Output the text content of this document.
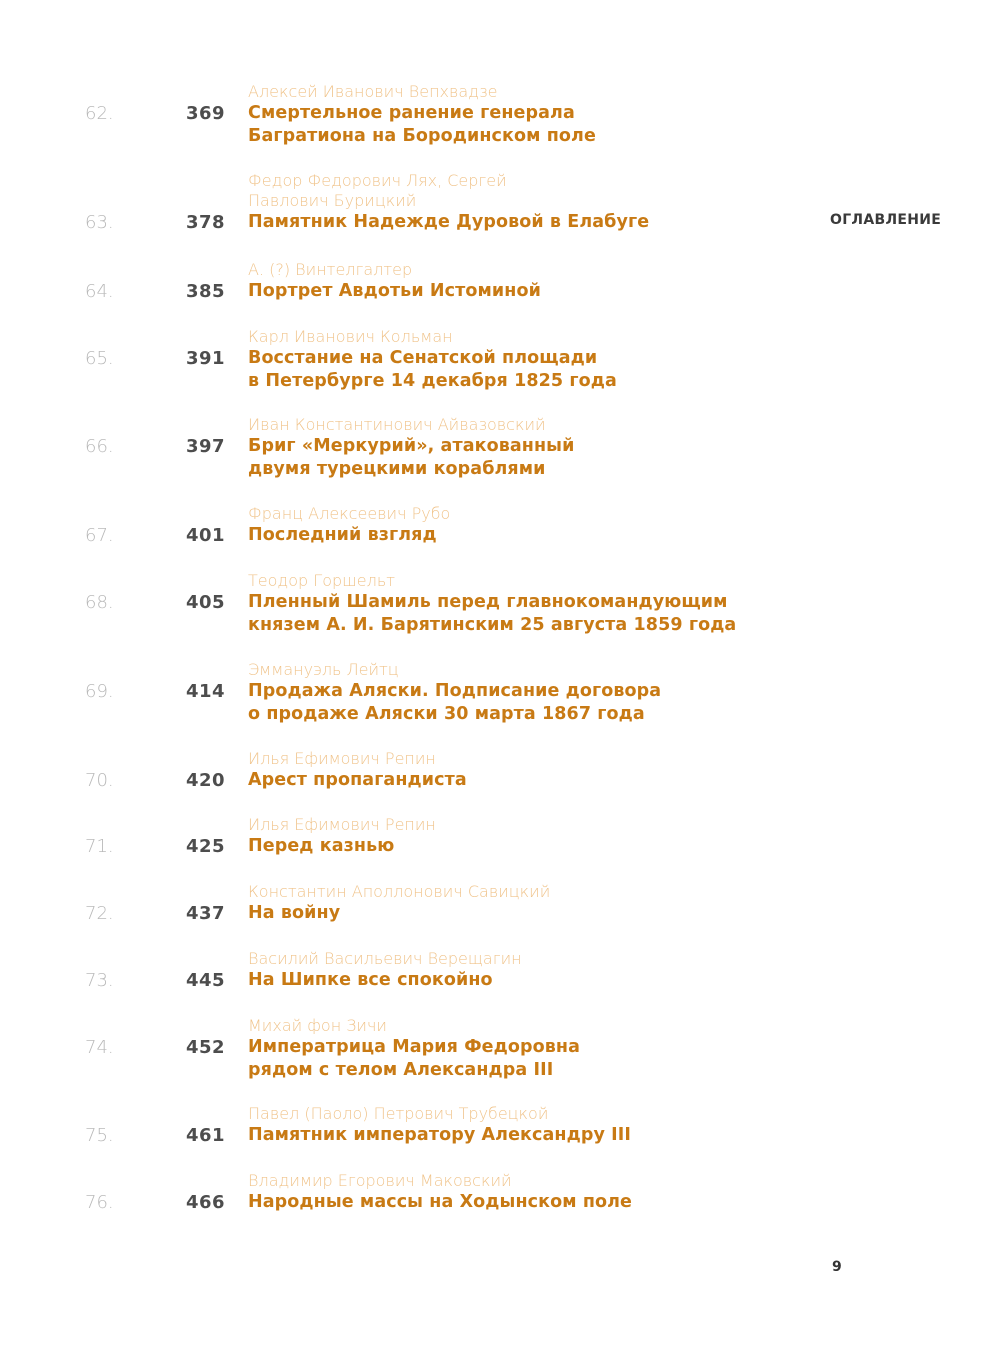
ОГЛАВЛЕНИЕ
62.	369
Алексей Иванович Вепхвадзе
Смертельное ранение генерала
Багратиона на Бородинском поле
63.	378
Федор Федорович Лях, Сергей
Павлович Бурицкий
Памятник Надежде Дуровой в Елабуге
64.	385
А. (?) Винтелгалтер
Портрет Авдотьи Истоминой
65.	391
Карл Иванович Кольман
Восстание на Сенатской площади
в Петербурге 14 декабря 1825 года
66.	397
Иван Константинович Айвазовский
Бриг «Меркурий», атакованный
двумя турецкими кораблями
67.	401
Франц Алексеевич Рубо
Последний взгляд
68.	405
Теодор Горшельт
Пленный Шамиль перед главнокомандующим
князем А. И. Барятинским 25 августа 1859 года
69.	414
Эммануэль Лейтц
Продажа Аляски. Подписание договора
о продаже Аляски 30 марта 1867 года
70.	420
Илья Ефимович Репин
Арест пропагандиста
71.	425
Илья Ефимович Репин
Перед казнью
72.	437
Константин Аполлонович Савицкий
На войну
73.	445
Василий Васильевич Верещагин
На Шипке все спокойно
74.	452
Михай фон Зичи
Императрица Мария Федоровна
рядом с телом Александра III
75.	461
Павел (Паоло) Петрович Трубецкой
Памятник императору Александру III
76.	466
Владимир Егорович Маковский
Народные массы на Ходынском поле
9
